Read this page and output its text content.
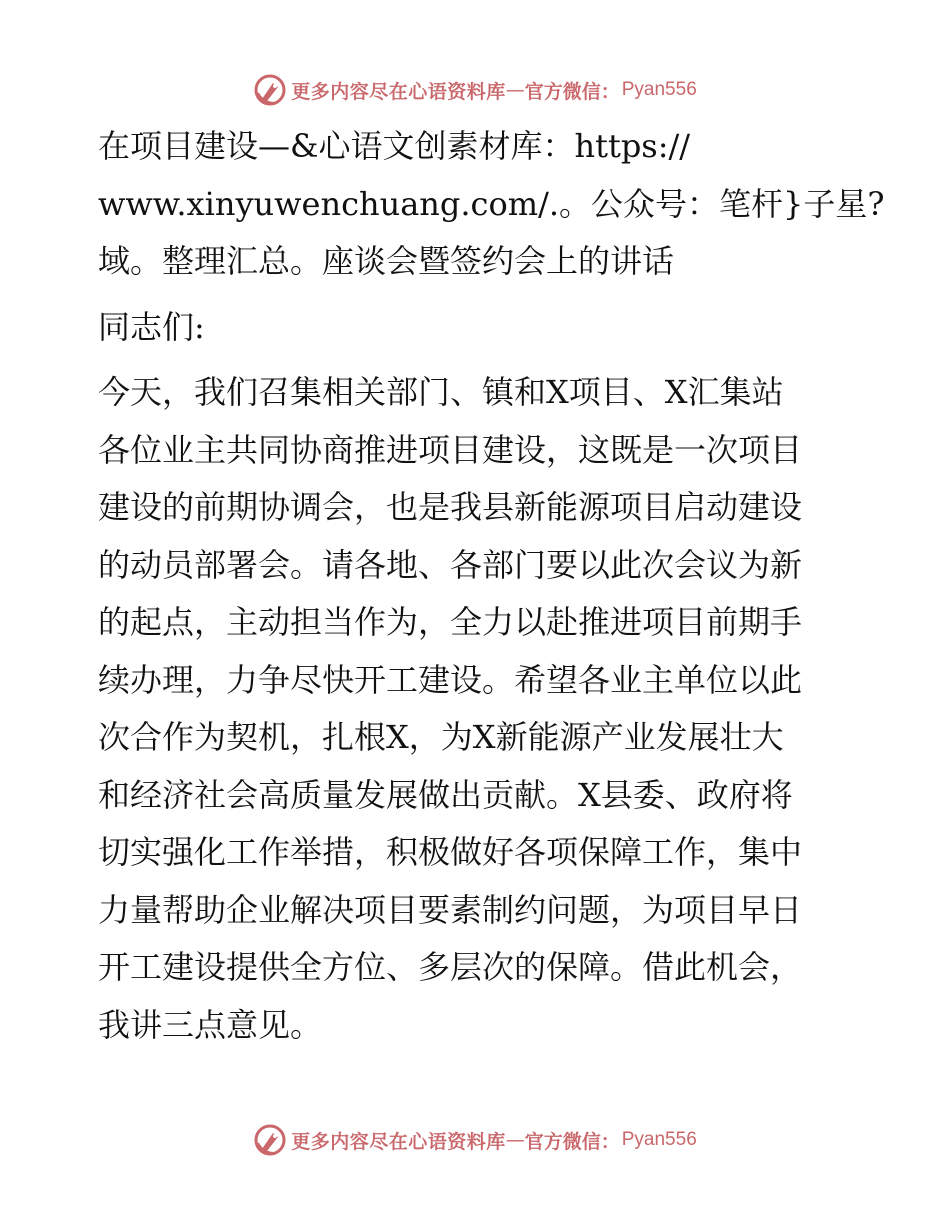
更多内容尽在心语资料库 — 官方微信： Pyan556
在项目建设—&心语文创素材库：https://
www.xinyuwenchuang.com/.。公众号：笔杆}子星?
域。整理汇总。座谈会暨签约会上的讲话
同志们:
今天，我们召集相关部门、镇和X项目、X汇集站
各位业主共同协商推进项目建设，这既是一次项目
建设的前期协调会，也是我县新能源项目启动建设
的动员部署会。请各地、各部门要以此次会议为新
的起点，主动担当作为，全力以赴推进项目前期手
续办理，力争尽快开工建设。希望各业主单位以此
次合作为契机，扎根X，为X新能源产业发展壮大
和经济社会高质量发展做出贡献。X县委、政府将
切实强化工作举措，积极做好各项保障工作，集中
力量帮助企业解决项目要素制约问题，为项目早日
开工建设提供全方位、多层次的保障。借此机会，
我讲三点意见。
更多内容尽在心语资料库 — 官方微信： Pyan556
